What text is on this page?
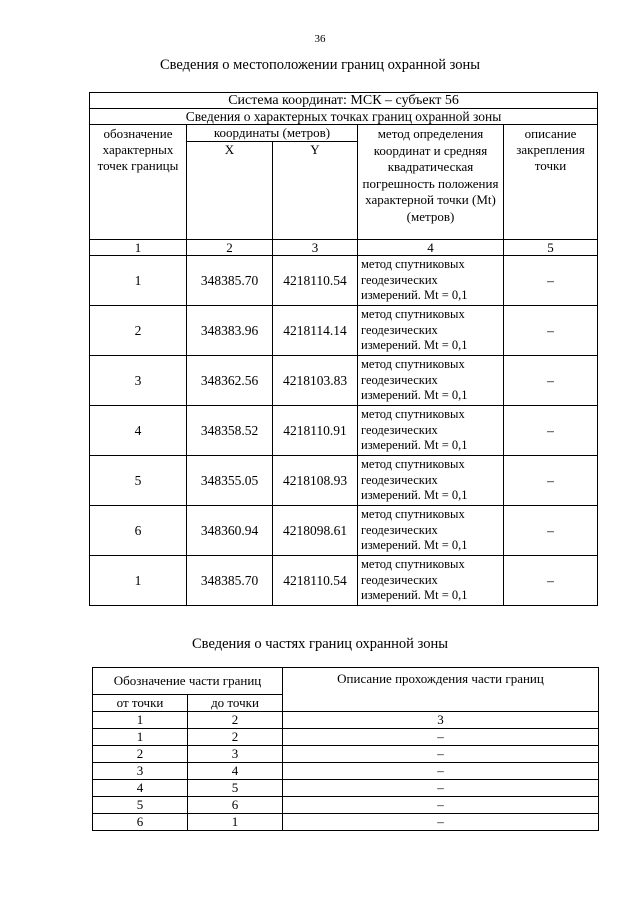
36
Сведения о местоположении границ охранной зоны
Система координат: МСК – субъект 56				
Сведения о характерных точках границ охранной зоны				
обозначение характерных точек границы	координаты (метров)		метод определения координат и средняя квадратическая погрешность положения характерной точки (Mt) (метров)	описание закрепления точки
	X	Y		
1	2	3	4	5
1	348385.70	4218110.54	метод спутниковых геодезических измерений. Mt = 0,1	–
2	348383.96	4218114.14	метод спутниковых геодезических измерений. Mt = 0,1	–
3	348362.56	4218103.83	метод спутниковых геодезических измерений. Mt = 0,1	–
4	348358.52	4218110.91	метод спутниковых геодезических измерений. Mt = 0,1	–
5	348355.05	4218108.93	метод спутниковых геодезических измерений. Mt = 0,1	–
6	348360.94	4218098.61	метод спутниковых геодезических измерений. Mt = 0,1	–
1	348385.70	4218110.54	метод спутниковых геодезических измерений. Mt = 0,1	–
Сведения о частях границ охранной зоны
Обозначение части границ		Описание прохождения части границ
от точки	до точки	
1	2	3
1	2	–
2	3	–
3	4	–
4	5	–
5	6	–
6	1	–
